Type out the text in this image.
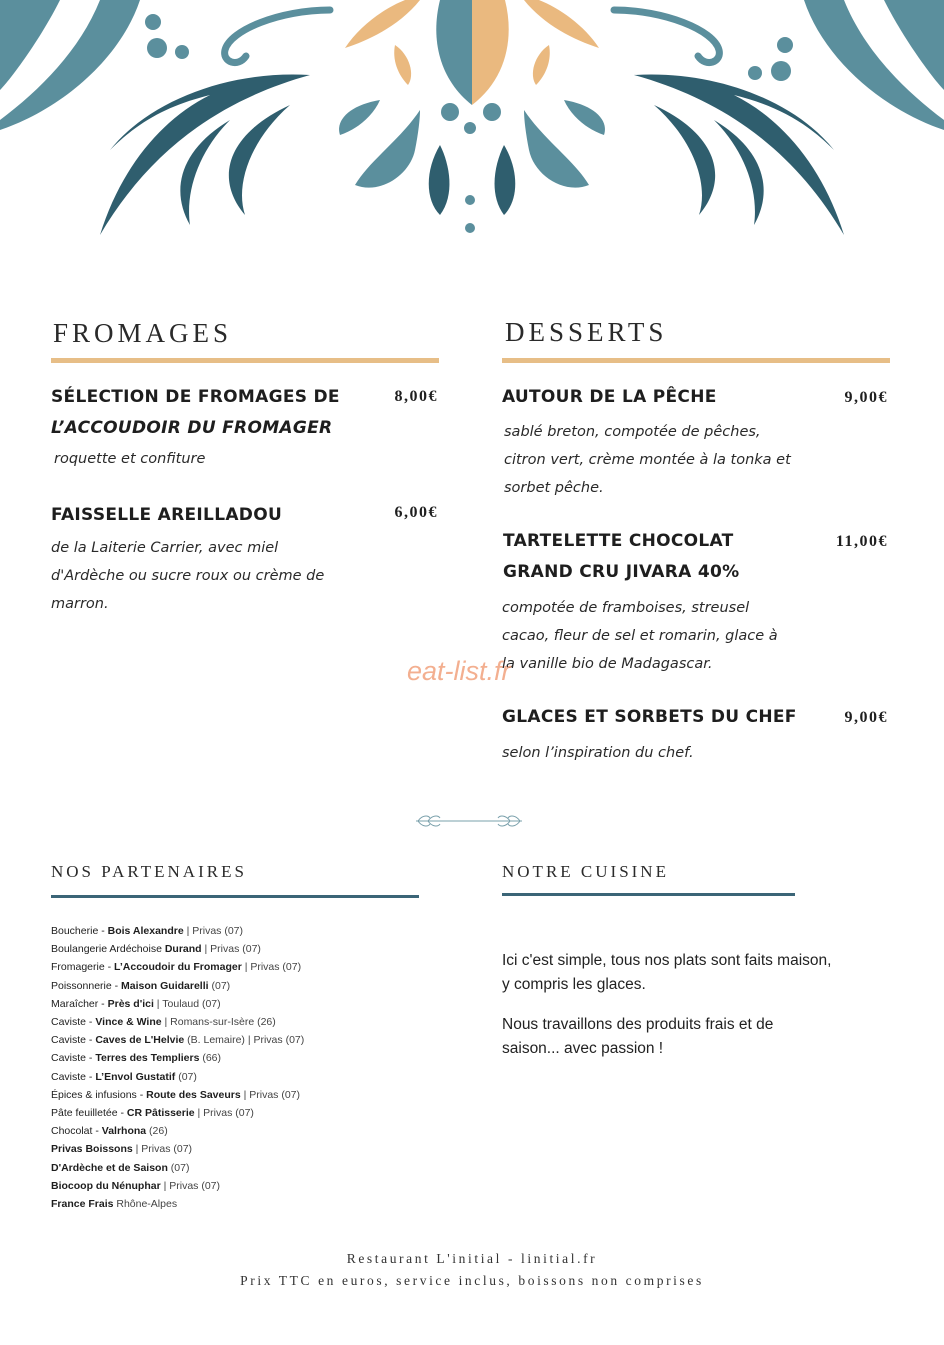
FROMAGES
SÉLECTION DE FROMAGES DE
L’ACCOUDOIR DU FROMAGER
8,00€
roquette et confiture
FAISSELLE AREILLADOU	6,00€
de la Laiterie Carrier, avec miel
d'Ardèche ou sucre roux ou crème de
marron.
DESSERTS
AUTOUR DE LA PÊCHE	9,00€
sablé breton, compotée de pêches,
citron vert, crème montée à la tonka et
sorbet pêche.
TARTELETTE CHOCOLAT
GRAND CRU JIVARA 40%
11,00€
compotée de framboises, streusel
cacao, fleur de sel et romarin, glace à
la vanille bio de Madagascar.
GLACES ET SORBETS DU CHEF	9,00€
selon l’inspiration du chef.
eat-list.fr
NOS PARTENAIRES
Boucherie - Bois Alexandre | Privas (07)
Boulangerie Ardéchoise Durand | Privas (07)
Fromagerie - L’Accoudoir du Fromager | Privas (07)
Poissonnerie - Maison Guidarelli (07)
Maraîcher - Près d'ici | Toulaud (07)
Caviste - Vince & Wine | Romans-sur-Isère (26)
Caviste - Caves de L'Helvie (B. Lemaire) | Privas (07)
Caviste - Terres des Templiers (66)
Caviste - L’Envol Gustatif (07)
Épices & infusions - Route des Saveurs | Privas (07)
Pâte feuilletée - CR Pâtisserie | Privas (07)
Chocolat - Valrhona (26)
Privas Boissons | Privas (07)
D'Ardèche et de Saison (07)
Biocoop du Nénuphar | Privas (07)
France Frais Rhône-Alpes
NOTRE CUISINE

Ici c'est simple, tous nos plats sont faits maison, y compris les glaces.

Nous travaillons des produits frais et de saison... avec passion !

Restaurant L'initial - linitial.fr
Prix TTC en euros, service inclus, boissons non comprises
